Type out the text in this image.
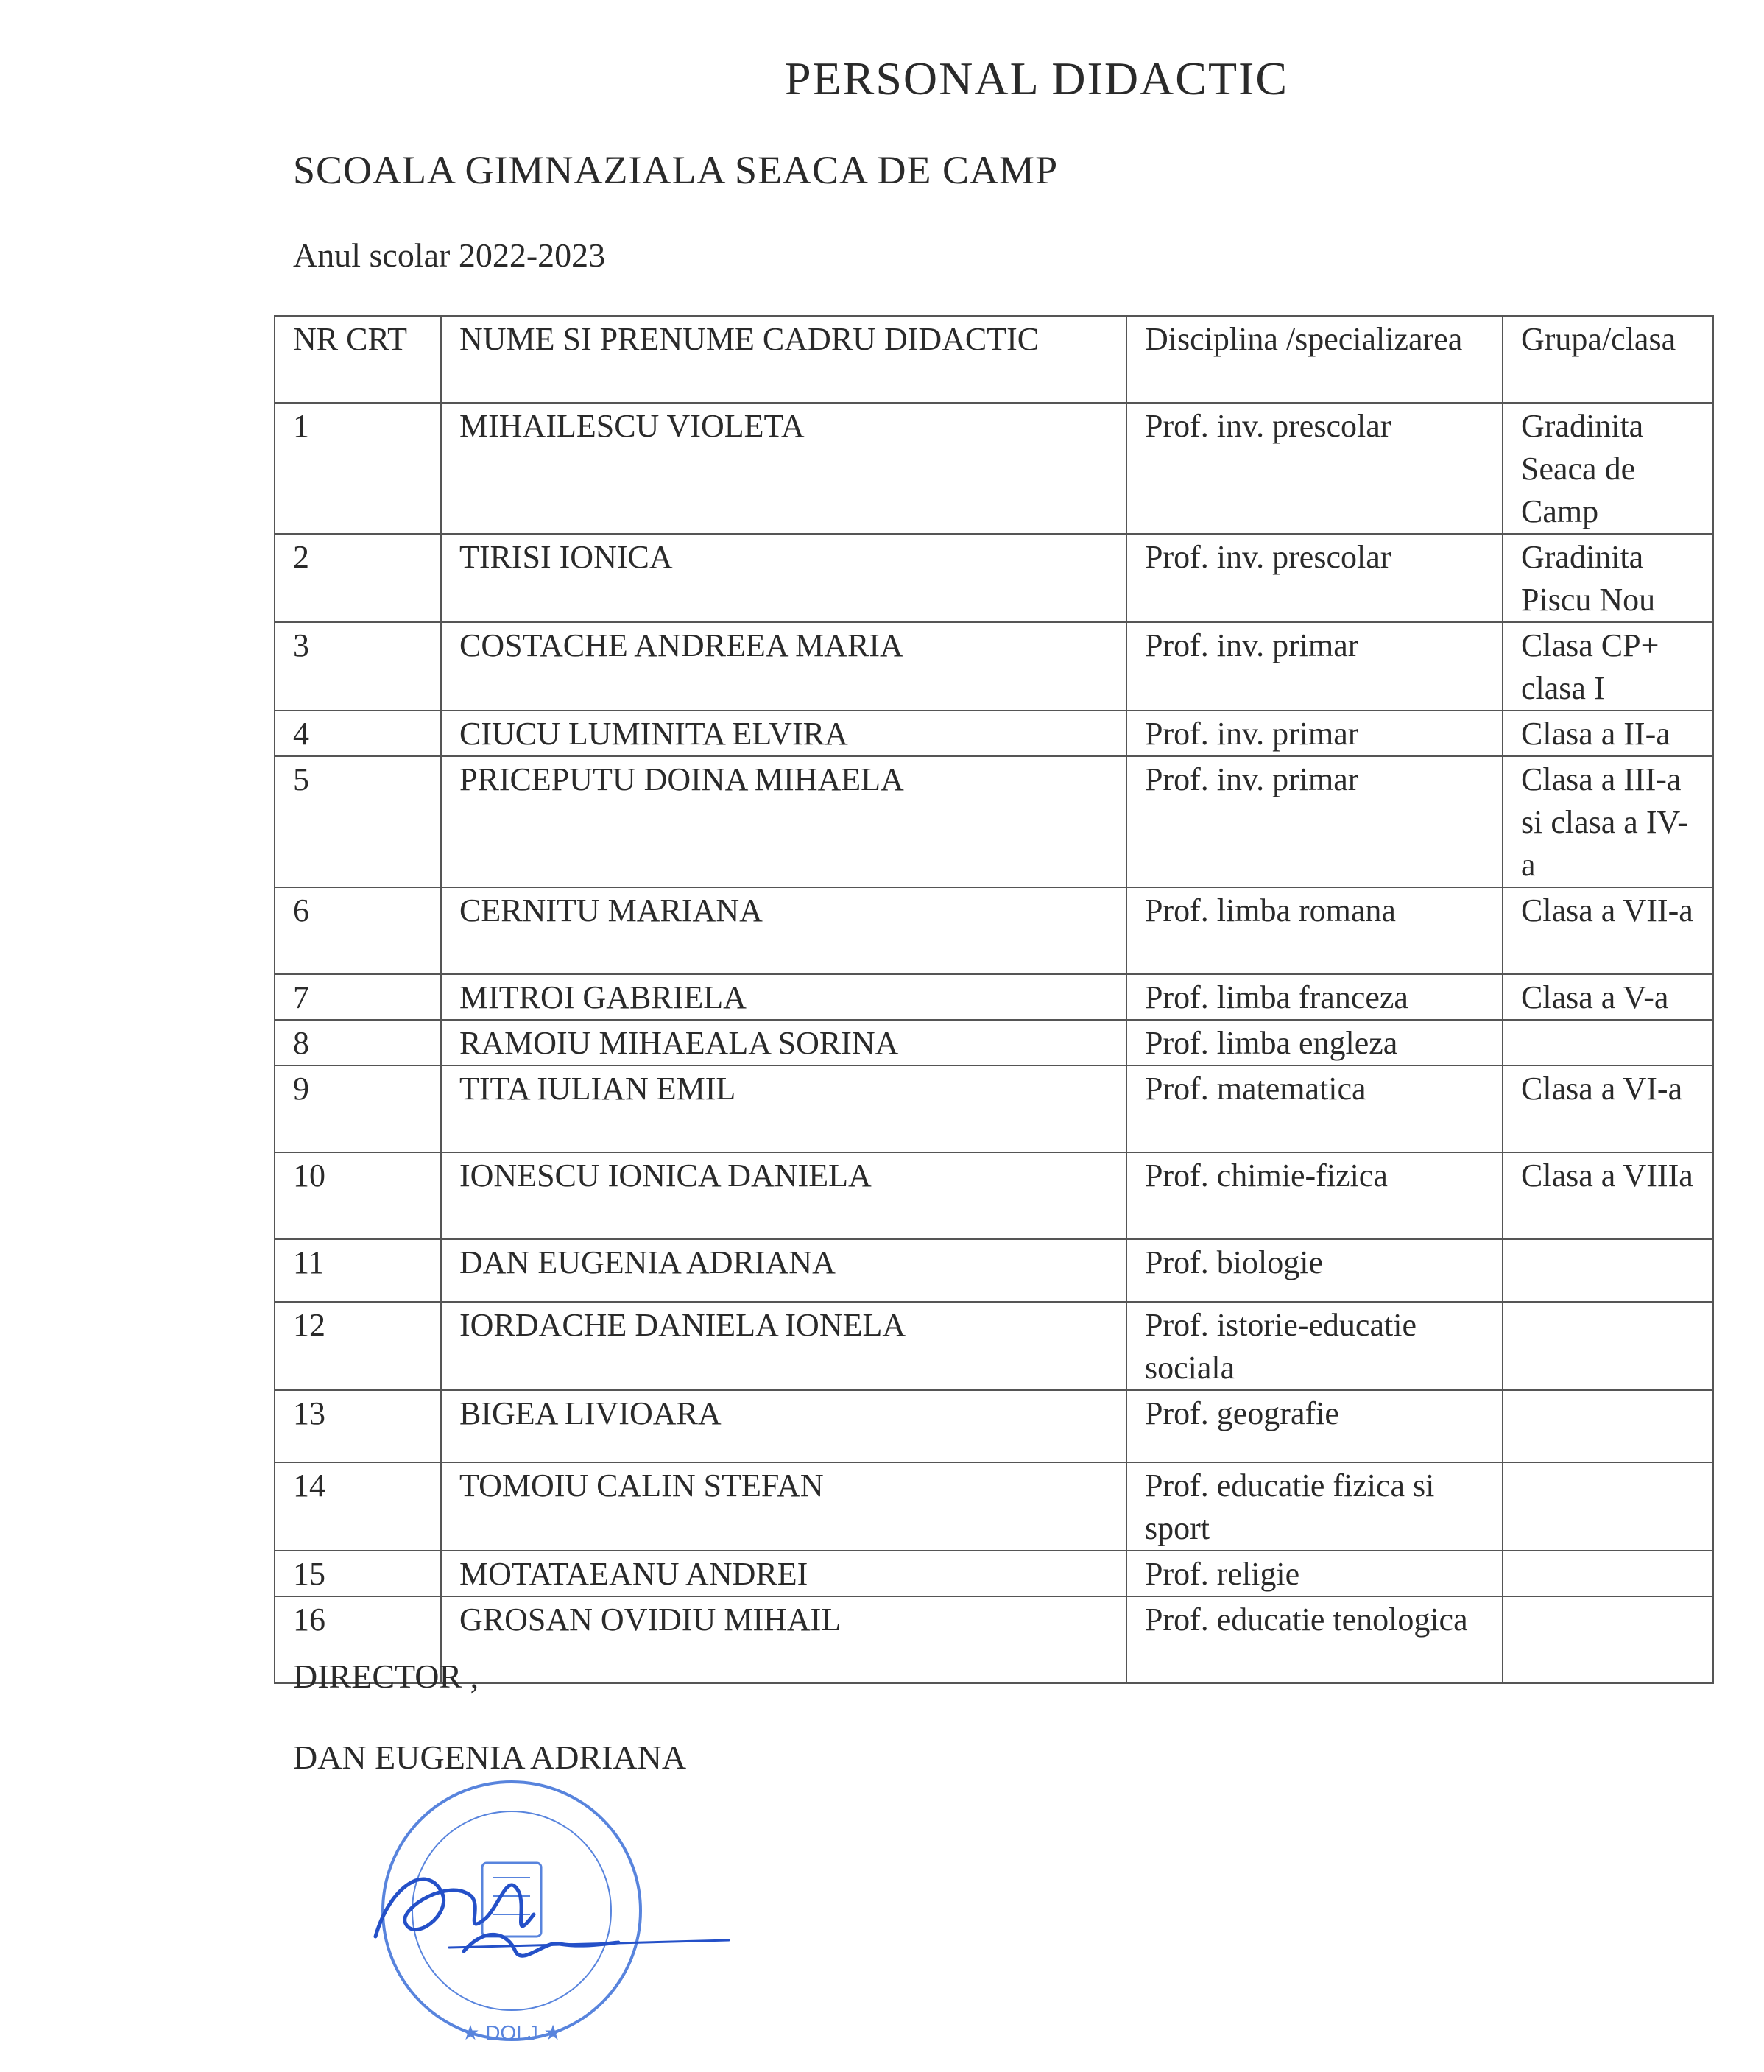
PERSONAL DIDACTIC
SCOALA GIMNAZIALA SEACA DE CAMP
Anul scolar 2022-2023
NR CRT	NUME SI PRENUME CADRU DIDACTIC	Disciplina /specializarea	Grupa/clasa
1	MIHAILESCU VIOLETA	Prof. inv. prescolar	Gradinita Seaca de Camp
2	TIRISI IONICA	Prof. inv. prescolar	Gradinita Piscu Nou
3	COSTACHE ANDREEA MARIA	Prof. inv. primar	Clasa CP+ clasa I
4	CIUCU LUMINITA ELVIRA	Prof. inv. primar	Clasa a II-a
5	PRICEPUTU DOINA MIHAELA	Prof. inv. primar	Clasa a III-a si clasa a IV-a
6	CERNITU MARIANA	Prof. limba romana	Clasa a VII-a
7	MITROI GABRIELA	Prof. limba franceza	Clasa a V-a
8	RAMOIU MIHAEALA SORINA	Prof. limba engleza	
9	TITA IULIAN EMIL	Prof. matematica	Clasa a VI-a
10	IONESCU IONICA DANIELA	Prof. chimie-fizica	Clasa a VIIIa
11	DAN EUGENIA ADRIANA	Prof. biologie	
12	IORDACHE DANIELA IONELA	Prof. istorie-educatie sociala	
13	BIGEA LIVIOARA	Prof. geografie	
14	TOMOIU CALIN STEFAN	Prof. educatie fizica si sport	
15	MOTATAEANU ANDREI	Prof. religie	
16	GROSAN OVIDIU MIHAIL	Prof. educatie tenologica	
DIRECTOR ,
DAN EUGENIA ADRIANA
★ DOLJ ★
